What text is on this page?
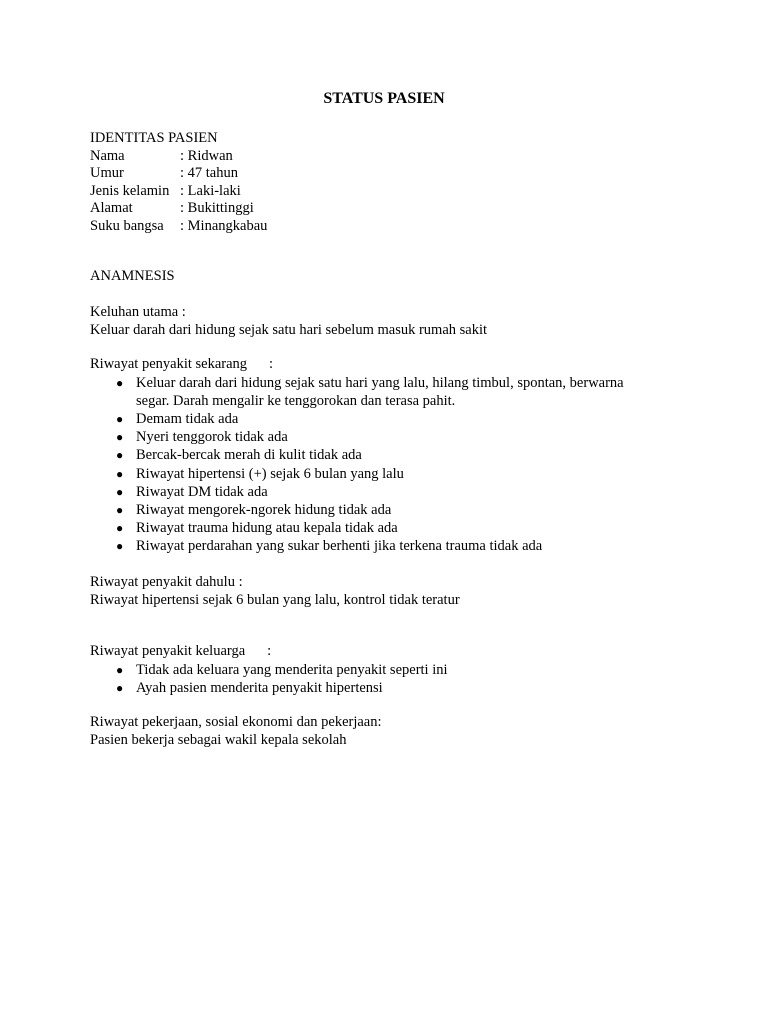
STATUS PASIEN
IDENTITAS PASIEN
Nama	: Ridwan
Umur	: 47 tahun
Jenis kelamin : Laki-laki
Alamat	: Bukittinggi
Suku bangsa	: Minangkabau
ANAMNESIS
Keluhan utama :
Keluar darah dari hidung sejak satu hari sebelum masuk rumah sakit
Riwayat penyakit sekarang :
● Keluar darah dari hidung sejak satu hari yang lalu, hilang timbul, spontan, berwarna segar. Darah mengalir ke tenggorokan dan terasa pahit.
● Demam tidak ada
● Nyeri tenggorok tidak ada
● Bercak-bercak merah di kulit tidak ada
● Riwayat hipertensi (+) sejak 6 bulan yang lalu
● Riwayat DM tidak ada
● Riwayat mengorek-ngorek hidung tidak ada
● Riwayat trauma hidung atau kepala tidak ada
● Riwayat perdarahan yang sukar berhenti jika terkena trauma tidak ada
Riwayat penyakit dahulu :
Riwayat hipertensi sejak 6 bulan yang lalu, kontrol tidak teratur
Riwayat penyakit keluarga :
● Tidak ada keluara yang menderita penyakit seperti ini
● Ayah pasien menderita penyakit hipertensi
Riwayat pekerjaan, sosial ekonomi dan pekerjaan:
Pasien bekerja sebagai wakil kepala sekolah
